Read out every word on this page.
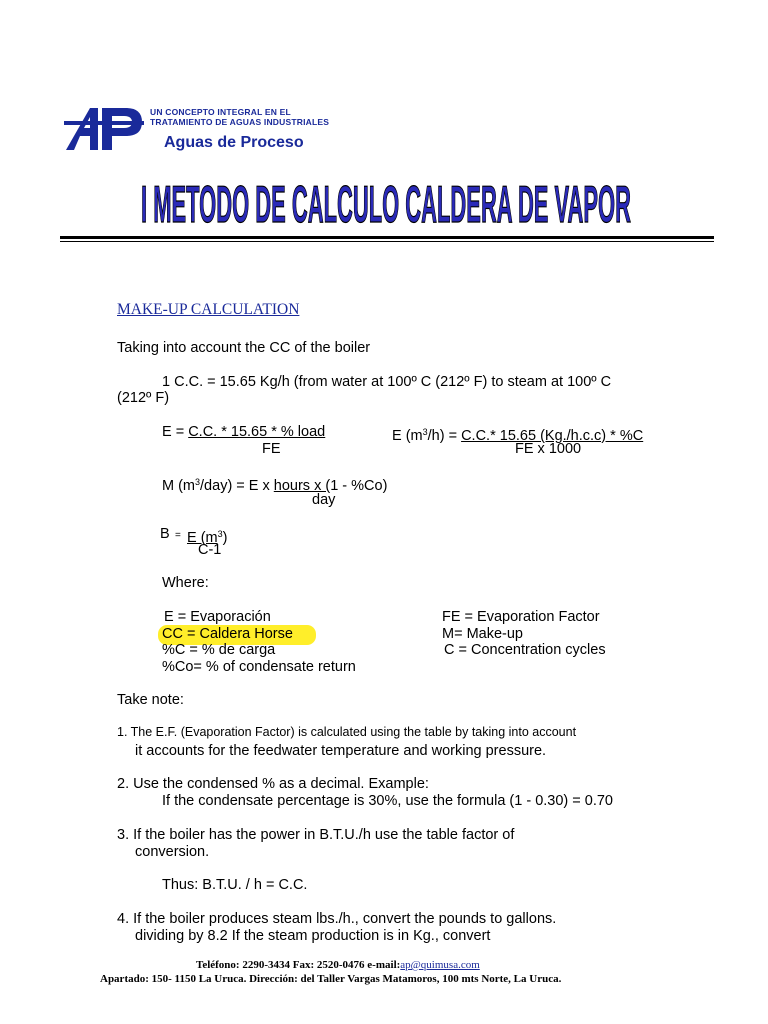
UN CONCEPTO INTEGRAL EN EL
TRATAMIENTO DE AGUAS INDUSTRIALES
Aguas de Proceso
I METODO DE CALCULO CALDERA DE VAPOR
MAKE-UP CALCULATION
Taking into account the CC of the boiler
1 C.C. = 15.65 Kg/h (from water at 100º C (212º F) to steam at 100º C
(212º F)
E = C.C. * 15.65 * % load
FE
E $(m^3/h) = C.C.*$ 15.65 (Kg./h.c.c) * %C
FE x 1000
M $(m^3/day) = E$ x hours x (1 - %Co)
day
B = E $(m^3)$
C-1
Where:
E = Evaporación
CC = Caldera Horse
%C = % de carga
%Co= % of condensate return
FE = Evaporation Factor
M= Make-up
C = Concentration cycles
Take note:
1. The E.F. (Evaporation Factor) is calculated using the table by taking into account
it accounts for the feedwater temperature and working pressure.
2. Use the condensed % as a decimal. Example:
If the condensate percentage is 30%, use the formula (1 - 0.30) = 0.70
3. If the boiler has the power in B.T.U./h use the table factor of
conversion.
Thus: B.T.U. / h = C.C.
4. If the boiler produces steam lbs./h., convert the pounds to gallons.
dividing by 8.2 If the steam production is in Kg., convert
Teléfono: 2290-3434 Fax: 2520-0476 e-mail:ap@quimusa.com
Apartado: 150- 1150 La Uruca. Dirección: del Taller Vargas Matamoros, 100 mts Norte, La Uruca.
